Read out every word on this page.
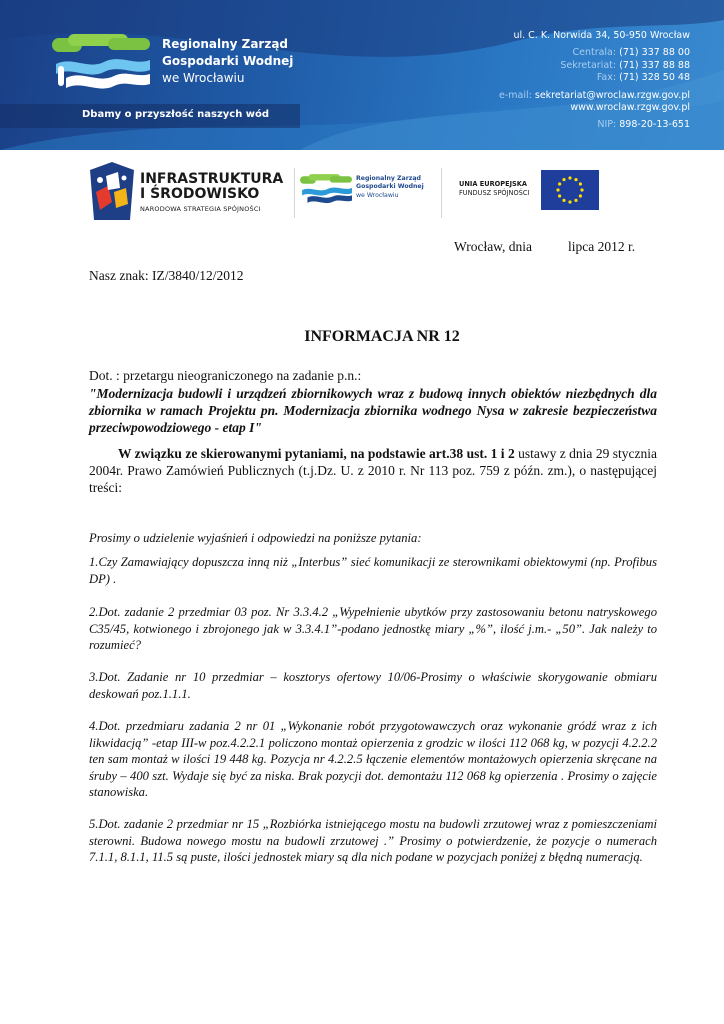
Regionalny Zarząd
Gospodarki Wodnej
we Wrocławiu
Dbamy o przyszłość naszych wód
ul. C. K. Norwida 34, 50-950 Wrocław
Centrala: (71) 337 88 00
Sekretariat: (71) 337 88 88
Fax: (71) 328 50 48
e-mail: sekretariat@wroclaw.rzgw.gov.pl
www.wroclaw.rzgw.gov.pl
NIP: 898-20-13-651
INFRASTRUKTURA
I ŚRODOWISKO
NARODOWA STRATEGIA SPÓJNOŚCI
Regionalny Zarząd
Gospodarki Wodnej
we Wrocławiu
UNIA EUROPEJSKA
FUNDUSZ SPÓJNOŚCI
Wrocław, dnia	lipca 2012 r.
Nasz znak: IZ/3840/12/2012
INFORMACJA NR 12
Dot. : przetargu nieograniczonego na zadanie p.n.:
"Modernizacja budowli i urządzeń zbiornikowych wraz z budową innych obiektów niezbędnych dla zbiornika w ramach Projektu pn. Modernizacja zbiornika wodnego Nysa w zakresie bezpieczeństwa przeciwpowodziowego - etap I"
W związku ze skierowanymi pytaniami, na podstawie art.38 ust. 1 i 2 ustawy z dnia 29 stycznia 2004r. Prawo Zamówień Publicznych (t.j.Dz. U. z 2010 r. Nr 113 poz. 759 z późn. zm.), o następującej treści:
Prosimy o udzielenie wyjaśnień i odpowiedzi na poniższe pytania:
1.Czy Zamawiający dopuszcza inną niż „Interbus” sieć komunikacji ze sterownikami obiektowymi (np. Profibus DP) .
2.Dot. zadanie 2 przedmiar 03 poz. Nr 3.3.4.2 „Wypełnienie ubytków przy zastosowaniu betonu natryskowego C35/45, kotwionego i zbrojonego jak w 3.3.4.1”-podano jednostkę miary „%”, ilość j.m.- „50”. Jak należy to rozumieć?
3.Dot. Zadanie nr 10 przedmiar – kosztorys ofertowy 10/06-Prosimy o właściwie skorygowanie obmiaru deskowań poz.1.1.1.
4.Dot. przedmiaru zadania 2 nr 01 „Wykonanie robót przygotowawczych oraz wykonanie gródź wraz z ich likwidacją” -etap III-w poz.4.2.2.1 policzono montaż opierzenia z grodzic w ilości 112 068 kg, w pozycji 4.2.2.2 ten sam montaż w ilości 19 448 kg. Pozycja nr 4.2.2.5 łączenie elementów montażowych opierzenia skręcane na śruby – 400 szt. Wydaje się być za niska. Brak pozycji dot. demontażu 112 068 kg opierzenia . Prosimy o zajęcie stanowiska.
5.Dot. zadanie 2 przedmiar nr 15 „Rozbiórka istniejącego mostu na budowli zrzutowej wraz z pomieszczeniami sterowni. Budowa nowego mostu na budowli zrzutowej .” Prosimy o potwierdzenie, że pozycje o numerach 7.1.1, 8.1.1, 11.5 są puste, ilości jednostek miary są dla nich podane w pozycjach poniżej z błędną numeracją.
